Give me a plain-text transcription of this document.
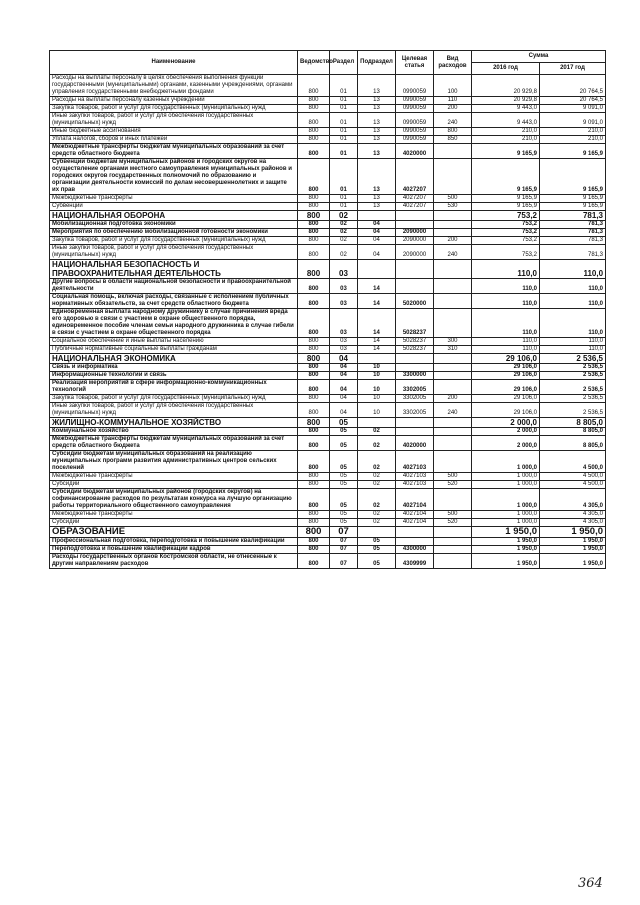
Наименование	Ведомство	Раздел	Подраздел	Целевая статья	Вид расходов	Сумма	
						2016 год	2017 год
Расходы на выплаты персоналу в целях обеспечения выполнения функций государственными (муниципальными) органами, казенными учреждениями, органами управления государственными внебюджетными фондами	800	01	13	0990059	100	20 929,8	20 764,5
Расходы на выплаты персоналу казенных учреждений	800	01	13	0990059	110	20 929,8	20 764,5
Закупка товаров, работ и услуг для государственных (муниципальных) нужд	800	01	13	0990059	200	9 443,0	9 091,0
Иные закупки товаров, работ и услуг для обеспечения государственных (муниципальных) нужд	800	01	13	0990059	240	9 443,0	9 091,0
Иные бюджетные ассигнования	800	01	13	0990059	800	210,0	210,0
Уплата налогов, сборов и иных платежей	800	01	13	0990059	850	210,0	210,0
Межбюджетные трансферты бюджетам муниципальных образований за счет средств областного бюджета	800	01	13	4020000		9 165,9	9 165,9
Субвенции бюджетам муниципальных районов и городских округов на осуществление органами местного самоуправления муниципальных районов и городских округов государственных полномочий по образованию и организации деятельности комиссий по делам несовершеннолетних и защите их прав	800	01	13	4027207		9 165,9	9 165,9
Межбюджетные трансферты	800	01	13	4027207	500	9 165,9	9 165,9
Субвенции	800	01	13	4027207	530	9 165,9	9 165,9
НАЦИОНАЛЬНАЯ ОБОРОНА	800	02				753,2	781,3
Мобилизационная подготовка экономики	800	02	04			753,2	781,3
Мероприятия по обеспечению мобилизационной готовности экономики	800	02	04	2090000		753,2	781,3
Закупка товаров, работ и услуг для государственных (муниципальных) нужд	800	02	04	2090000	200	753,2	781,3
Иные закупки товаров, работ и услуг для обеспечения государственных (муниципальных) нужд	800	02	04	2090000	240	753,2	781,3
НАЦИОНАЛЬНАЯ БЕЗОПАСНОСТЬ И ПРАВООХРАНИТЕЛЬНАЯ ДЕЯТЕЛЬНОСТЬ	800	03				110,0	110,0
Другие вопросы в области национальной безопасности и правоохранительной деятельности	800	03	14			110,0	110,0
Социальная помощь, включая расходы, связанные с исполнением публичных нормативных обязательств, за счет средств областного бюджета	800	03	14	5020000		110,0	110,0
Единовременная выплата народному дружиннику в случае причинения вреда его здоровью в связи с участием в охране общественного порядка, единовременное пособие членам семьи народного дружинника в случае гибели в связи с участием в охране общественного порядка	800	03	14	5028237		110,0	110,0
Социальное обеспечение и иные выплаты населению	800	03	14	5028237	300	110,0	110,0
Публичные нормативные социальные выплаты гражданам	800	03	14	5028237	310	110,0	110,0
НАЦИОНАЛЬНАЯ ЭКОНОМИКА	800	04				29 106,0	2 536,5
Связь и информатика	800	04	10			29 106,0	2 536,5
Информационные технологии и связь	800	04	10	3300000		29 106,0	2 536,5
Реализация мероприятий в сфере информационно-коммуникационных технологий	800	04	10	3302005		29 106,0	2 536,5
Закупка товаров, работ и услуг для государственных (муниципальных) нужд	800	04	10	3302005	200	29 106,0	2 536,5
Иные закупки товаров, работ и услуг для обеспечения государственных (муниципальных) нужд	800	04	10	3302005	240	29 106,0	2 536,5
ЖИЛИЩНО-КОММУНАЛЬНОЕ ХОЗЯЙСТВО	800	05				2 000,0	8 805,0
Коммунальное хозяйство	800	05	02			2 000,0	8 805,0
Межбюджетные трансферты бюджетам муниципальных образований за счет средств областного бюджета	800	05	02	4020000		2 000,0	8 805,0
Субсидии бюджетам муниципальных образований на реализацию муниципальных программ развития административных центров сельских поселений	800	05	02	4027103		1 000,0	4 500,0
Межбюджетные трансферты	800	05	02	4027103	500	1 000,0	4 500,0
Субсидии	800	05	02	4027103	520	1 000,0	4 500,0
Субсидии бюджетам муниципальных районов (городских округов) на софинансирование расходов по результатам конкурса на лучшую организацию работы территориального общественного самоуправления	800	05	02	4027104		1 000,0	4 305,0
Межбюджетные трансферты	800	05	02	4027104	500	1 000,0	4 305,0
Субсидии	800	05	02	4027104	520	1 000,0	4 305,0
ОБРАЗОВАНИЕ	800	07				1 950,0	1 950,0
Профессиональная подготовка, переподготовка и повышение квалификации	800	07	05			1 950,0	1 950,0
Переподготовка и повышение квалификации кадров	800	07	05	4300000		1 950,0	1 950,0
Расходы государственных органов Костромской области, не отнесенные к другим направлениям расходов	800	07	05	4309999		1 950,0	1 950,0
364
